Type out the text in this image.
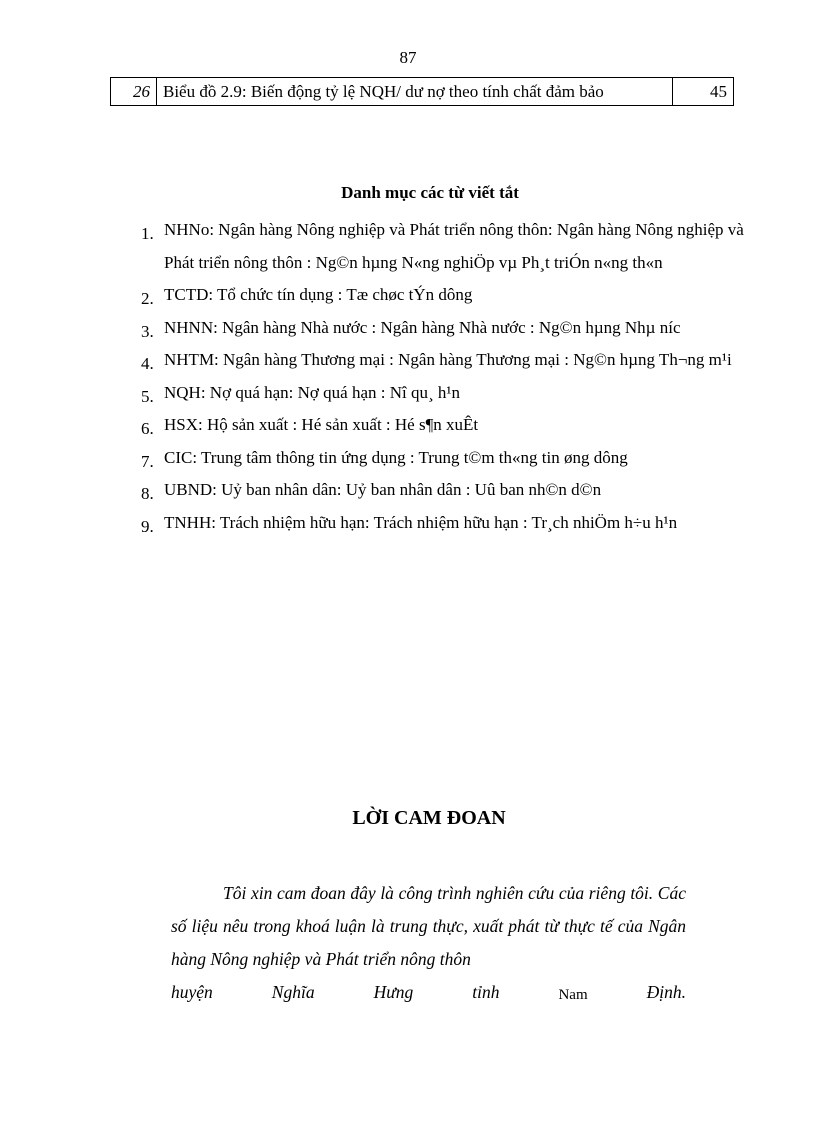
87
26	Biểu đồ 2.9: Biến động tỷ lệ NQH/ dư nợ theo tính chất đảm bảo	45
Danh mục các từ viết tắt
1. NHNo: Ngân hàng Nông nghiệp và Phát triển nông thôn: Ngân hàng Nông nghiệp và Phát triển nông thôn : Ng©n hµng N«ng nghiÖp vµ Ph¸t triÓn n«ng th«n
2. TCTD: Tổ chức tín dụng : Tæ chøc tÝn dông
3. NHNN: Ngân hàng Nhà nước : Ngân hàng Nhà nước : Ng©n hµng Nhµ níc
4. NHTM: Ngân hàng Thương mại : Ngân hàng Thương mại : Ng©n hµng Th¬ng m¹i
5. NQH: Nợ quá hạn: Nợ quá hạn : Nî qu¸ h¹n
6. HSX: Hộ sản xuất : Hé sản xuất : Hé s¶n xuÊt
7. CIC: Trung tâm thông tin ứng dụng : Trung t©m th«ng tin øng dông
8. UBND: Uỷ ban nhân dân: Uỷ ban nhân dân : Uû ban nh©n d©n
9. TNHH: Trách nhiệm hữu hạn: Trách nhiệm hữu hạn : Tr¸ch nhiÖm h÷u h¹n
LỜI CAM ĐOAN

Tôi xin cam đoan đây là công trình nghiên cứu của riêng tôi. Các số liệu nêu trong khoá luận là trung thực, xuất phát từ thực tế của Ngân hàng Nông nghiệp và Phát triển nông thôn

huyện	Nghĩa	Hưng	tỉnh	Nam	Định.
